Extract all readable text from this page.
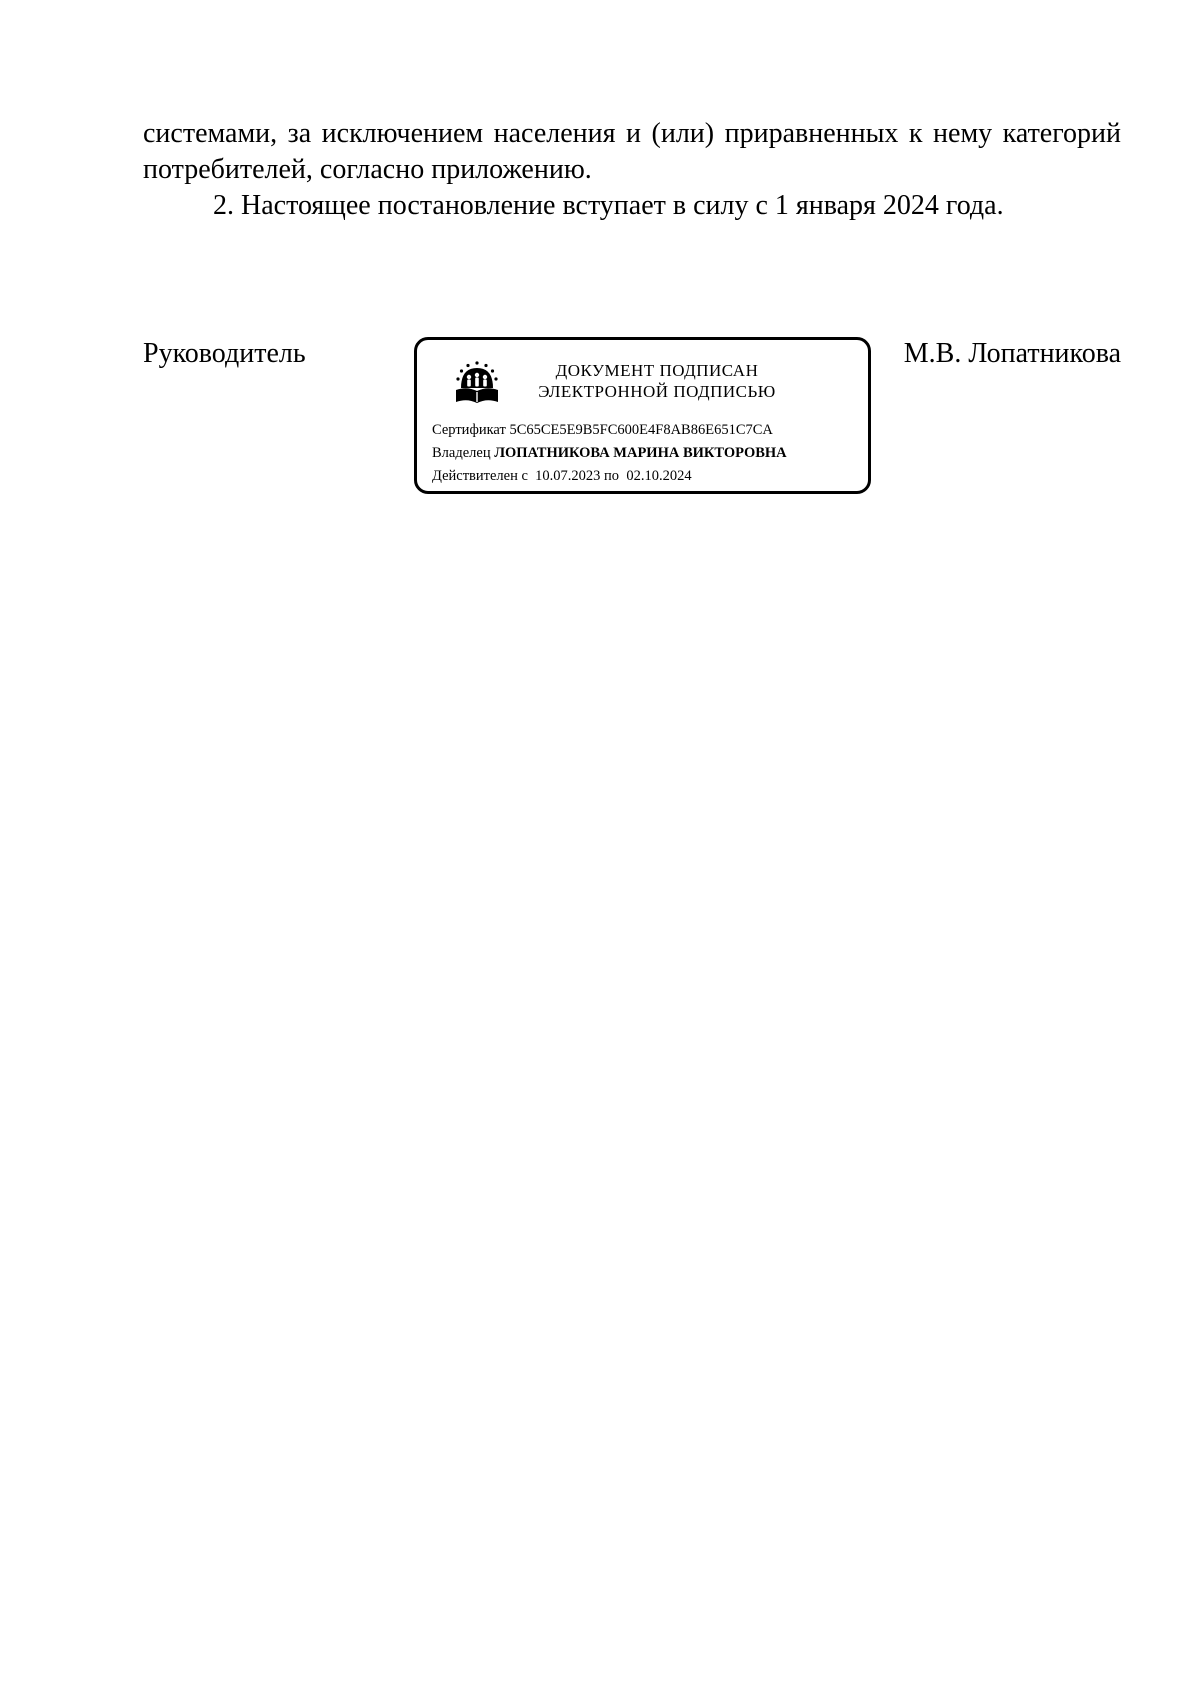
системами, за исключением населения и (или) приравненных к нему категорий потребителей, согласно приложению.

2. Настоящее постановление вступает в силу с 1 января 2024 года.

Руководитель	М.В. Лопатникова
ДОКУМЕНТ ПОДПИСАН
ЭЛЕКТРОННОЙ ПОДПИСЬЮ
Сертификат 5C65CE5E9B5FC600E4F8AB86E651C7CA
Владелец ЛОПАТНИКОВА МАРИНА ВИКТОРОВНА
Действителен с 10.07.2023 по 02.10.2024
